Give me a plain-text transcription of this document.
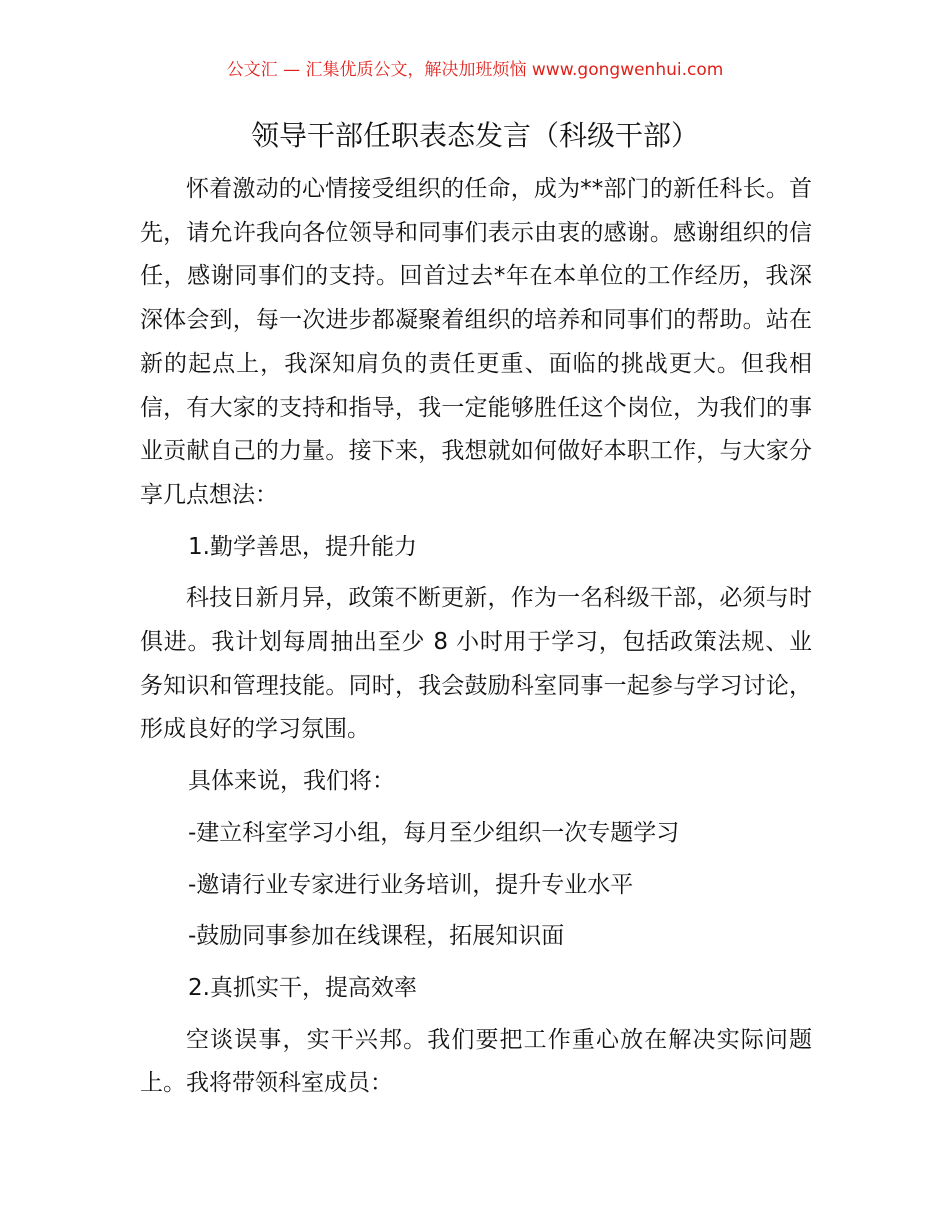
公文汇 — 汇集优质公文，解决加班烦恼 www.gongwenhui.com
领导干部任职表态发言（科级干部）

怀着激动的心情接受组织的任命，成为**部门的新任科长。首先，请允许我向各位领导和同事们表示由衷的感谢。感谢组织的信任，感谢同事们的支持。回首过去*年在本单位的工作经历，我深深体会到，每一次进步都凝聚着组织的培养和同事们的帮助。站在新的起点上，我深知肩负的责任更重、面临的挑战更大。但我相信，有大家的支持和指导，我一定能够胜任这个岗位，为我们的事业贡献自己的力量。接下来，我想就如何做好本职工作，与大家分享几点想法：

1.勤学善思，提升能力

科技日新月异，政策不断更新，作为一名科级干部，必须与时俱进。我计划每周抽出至少 8 小时用于学习，包括政策法规、业务知识和管理技能。同时，我会鼓励科室同事一起参与学习讨论，形成良好的学习氛围。

具体来说，我们将：

-建立科室学习小组，每月至少组织一次专题学习

-邀请行业专家进行业务培训，提升专业水平

-鼓励同事参加在线课程，拓展知识面

2.真抓实干，提高效率

空谈误事，实干兴邦。我们要把工作重心放在解决实际问题上。我将带领科室成员：
